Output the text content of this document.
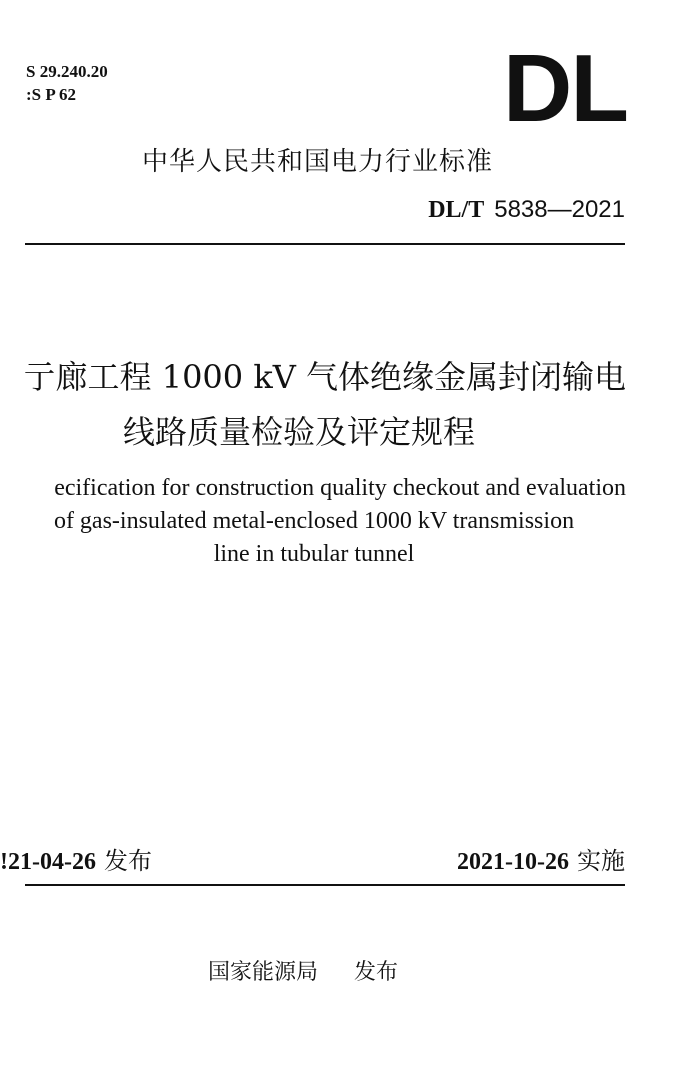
S 29.240.20
:S P 62	DL
中华人民共和国电力行业标准
DL/T 5838—2021
亍廊工程 1000 kV 气体绝缘金属封闭输电
线路质量检验及评定规程
ecification for construction quality checkout and evaluation
of gas-insulated metal-enclosed 1000 kV transmission
line in tubular tunnel
!21-04-26 发布	2021-10-26 实施
国家能源局 发布
